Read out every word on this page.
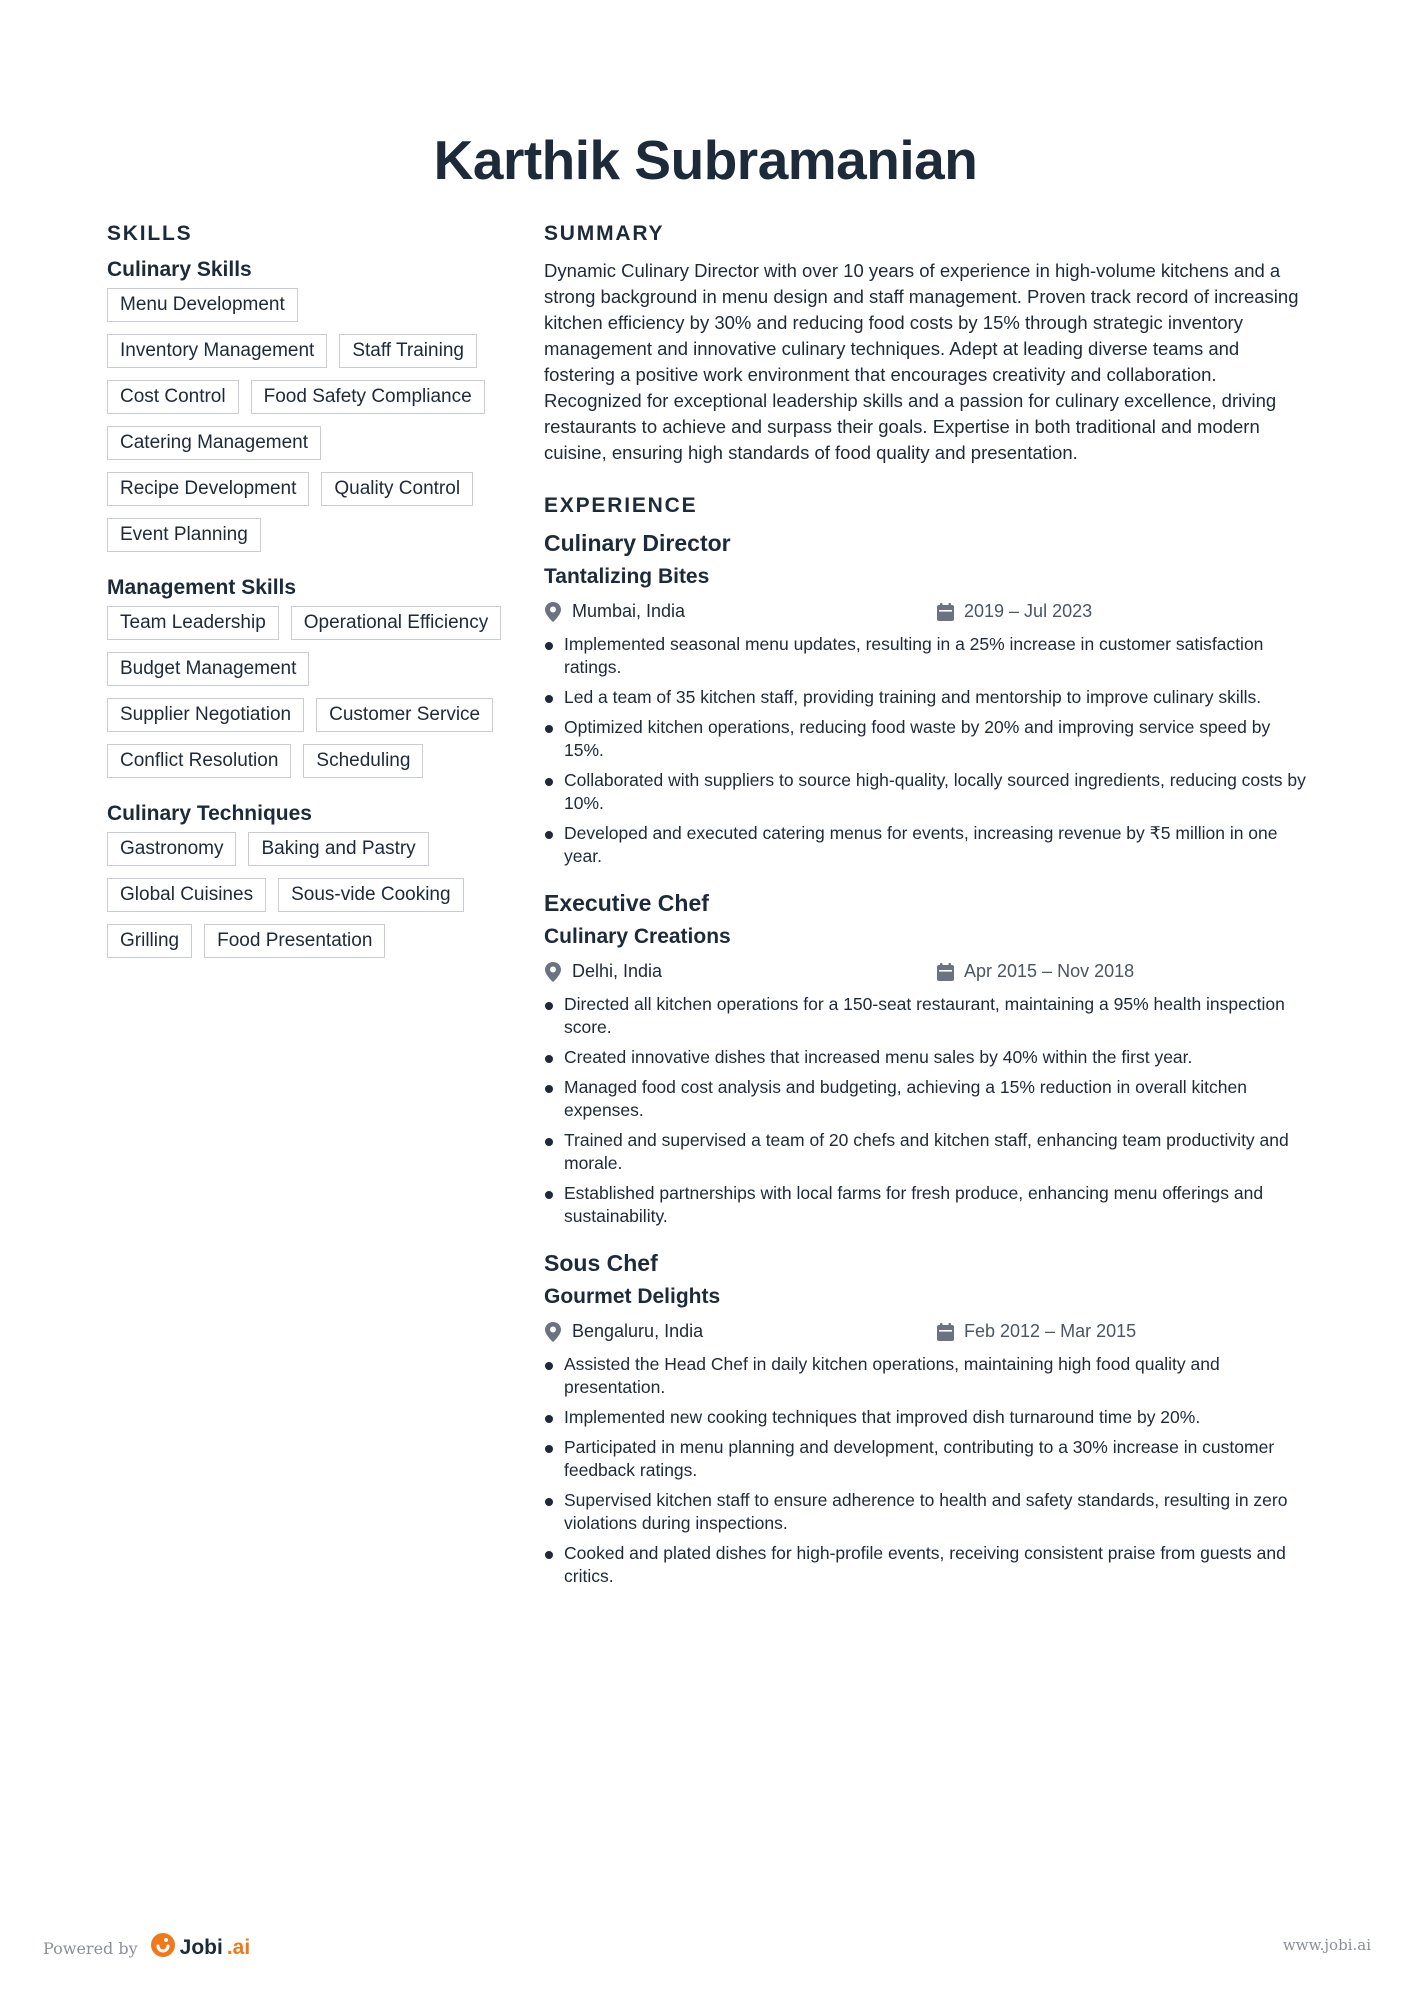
Karthik Subramanian
SKILLS
Culinary Skills
Menu Development
Inventory Management	Staff Training
Cost Control	Food Safety Compliance
Catering Management
Recipe Development	Quality Control
Event Planning
Management Skills
Team Leadership	Operational Efficiency
Budget Management
Supplier Negotiation	Customer Service
Conflict Resolution	Scheduling
Culinary Techniques
Gastronomy	Baking and Pastry
Global Cuisines	Sous-vide Cooking
Grilling	Food Presentation
SUMMARY

Dynamic Culinary Director with over 10 years of experience in high-volume kitchens and a strong background in menu design and staff management. Proven track record of increasing kitchen efficiency by 30% and reducing food costs by 15% through strategic inventory management and innovative culinary techniques. Adept at leading diverse teams and fostering a positive work environment that encourages creativity and collaboration. Recognized for exceptional leadership skills and a passion for culinary excellence, driving restaurants to achieve and surpass their goals. Expertise in both traditional and modern cuisine, ensuring high standards of food quality and presentation.

EXPERIENCE
Culinary Director
Tantalizing Bites
Mumbai, India	2019 – Jul 2023
Implemented seasonal menu updates, resulting in a 25% increase in customer satisfaction ratings.
Led a team of 35 kitchen staff, providing training and mentorship to improve culinary skills.
Optimized kitchen operations, reducing food waste by 20% and improving service speed by 15%.
Collaborated with suppliers to source high-quality, locally sourced ingredients, reducing costs by 10%.
Developed and executed catering menus for events, increasing revenue by ₹5 million in one year.
Executive Chef
Culinary Creations
Delhi, India	Apr 2015 – Nov 2018
Directed all kitchen operations for a 150-seat restaurant, maintaining a 95% health inspection score.
Created innovative dishes that increased menu sales by 40% within the first year.
Managed food cost analysis and budgeting, achieving a 15% reduction in overall kitchen expenses.
Trained and supervised a team of 20 chefs and kitchen staff, enhancing team productivity and morale.
Established partnerships with local farms for fresh produce, enhancing menu offerings and sustainability.
Sous Chef
Gourmet Delights
Bengaluru, India	Feb 2012 – Mar 2015
Assisted the Head Chef in daily kitchen operations, maintaining high food quality and presentation.
Implemented new cooking techniques that improved dish turnaround time by 20%.
Participated in menu planning and development, contributing to a 30% increase in customer feedback ratings.
Supervised kitchen staff to ensure adherence to health and safety standards, resulting in zero violations during inspections.
Cooked and plated dishes for high-profile events, receiving consistent praise from guests and critics.
Powered by Jobi .ai	www.jobi.ai
